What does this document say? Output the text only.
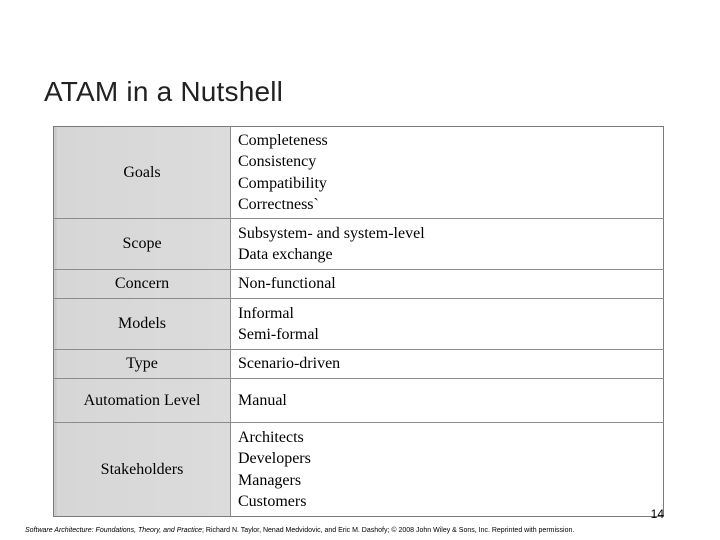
ATAM in a Nutshell
Goals	Completeness
Consistency
Compatibility
Correctness`

Scope	Subsystem- and system-level
Data exchange

Concern	Non-functional

Models	Informal
Semi-formal

Type	Scenario-driven

Automation Level	Manual

Stakeholders	Architects
Developers
Managers
Customers
14
Software Architecture: Foundations, Theory, and Practice; Richard N. Taylor, Nenad Medvidovic, and Eric M. Dashofy; © 2008 John Wiley & Sons, Inc. Reprinted with permission.
